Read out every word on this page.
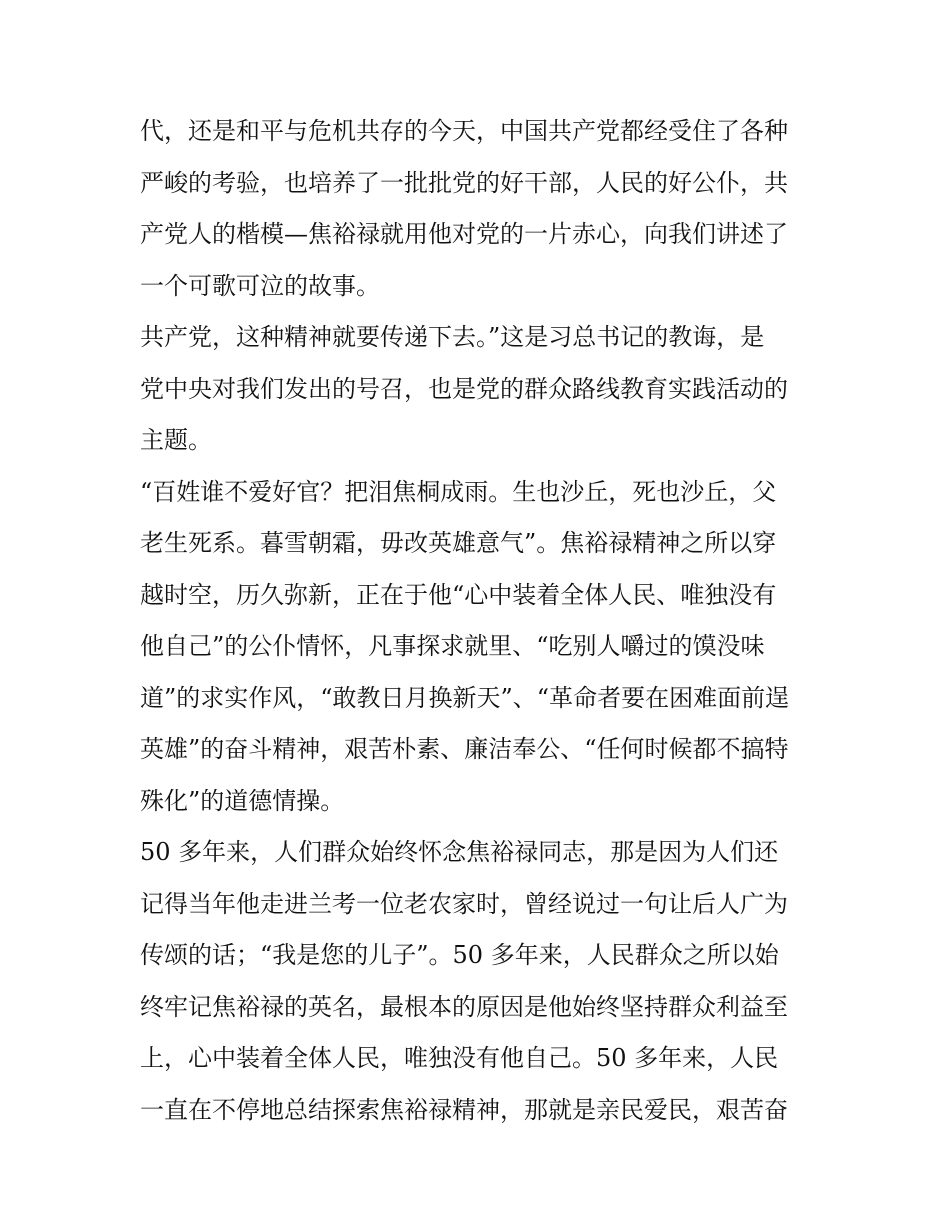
代，还是和平与危机共存的今天，中国共产党都经受住了各种
严峻的考验，也培养了一批批党的好干部，人民的好公仆，共
产党人的楷模—焦裕禄就用他对党的一片赤心，向我们讲述了
一个可歌可泣的故事。

共产党，这种精神就要传递下去。”这是习总书记的教诲，是
党中央对我们发出的号召，也是党的群众路线教育实践活动的
主题。

“百姓谁不爱好官？把泪焦桐成雨。生也沙丘，死也沙丘，父
老生死系。暮雪朝霜，毋改英雄意气”。焦裕禄精神之所以穿
越时空，历久弥新，正在于他“心中装着全体人民、唯独没有
他自己”的公仆情怀，凡事探求就里、“吃别人嚼过的馍没味
道”的求实作风，“敢教日月换新天”、“革命者要在困难面前逞
英雄”的奋斗精神，艰苦朴素、廉洁奉公、“任何时候都不搞特
殊化”的道德情操。

50 多年来，人们群众始终怀念焦裕禄同志，那是因为人们还
记得当年他走进兰考一位老农家时，曾经说过一句让后人广为
传颂的话；“我是您的儿子”。50 多年来，人民群众之所以始
终牢记焦裕禄的英名，最根本的原因是他始终坚持群众利益至
上，心中装着全体人民，唯独没有他自己。50 多年来，人民
一直在不停地总结探索焦裕禄精神，那就是亲民爱民，艰苦奋
